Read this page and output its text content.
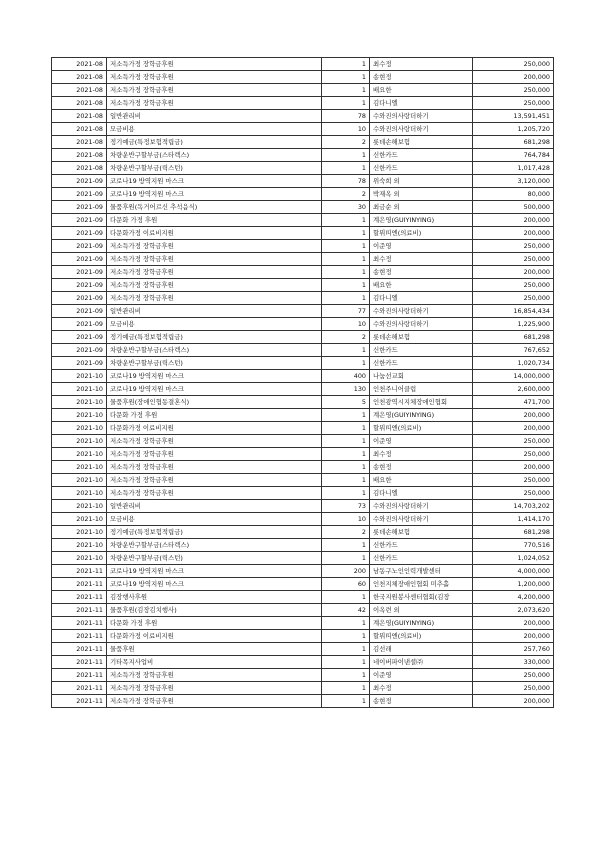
2021-08	저소득가정 장학금후원	1	최수정	250,000
2021-08	저소득가정 장학금후원	1	송현정	200,000
2021-08	저소득가정 장학금후원	1	배요한	250,000
2021-08	저소득가정 장학금후원	1	김다니엘	250,000
2021-08	일반관리비	78	수와진의사랑더하기	13,591,451
2021-08	모금비용	10	수와진의사랑더하기	1,205,720
2021-08	정기예금(특정보험적립금)	2	롯데손해보험	681,298
2021-08	차량운반구할부금(스타렉스)	1	신한카드	764,784
2021-08	차량운반구할부금(릭스턴)	1	신한카드	1,017,428
2021-09	코로나19 방역지원 마스크	78	위숙희 외	3,120,000
2021-09	코로나19 방역지원 마스크	2	박재옥 외	80,000
2021-09	물품후원(독거어르신 추석음식)	30	최금순 외	500,000
2021-09	다문화 가정 후원	1	계은영(GUIYINYING)	200,000
2021-09	다문화가정 이료비지원	1	할뮈띠엔(의료비)	200,000
2021-09	저소득가정 장학금후원	1	이준영	250,000
2021-09	저소득가정 장학금후원	1	최수정	250,000
2021-09	저소득가정 장학금후원	1	송현정	200,000
2021-09	저소득가정 장학금후원	1	배요한	250,000
2021-09	저소득가정 장학금후원	1	김다니엘	250,000
2021-09	일반관리비	77	수와진의사랑더하기	16,854,434
2021-09	모금비용	10	수와진의사랑더하기	1,225,900
2021-09	정기예금(특정보험적립금)	2	롯데손해보험	681,298
2021-09	차량운반구할부금(스타렉스)	1	신한카드	767,652
2021-09	차량운반구할부금(릭스턴)	1	신한카드	1,020,734
2021-10	코로나19 방역지원 마스크	400	나눔선교회	14,000,000
2021-10	코로나19 방역지원 마스크	130	인천주니어클럽	2,600,000
2021-10	물품후원(장애인협동결혼식)	5	인천광역시지체장애인협회	471,700
2021-10	다문화 가정 후원	1	계은영(GUIYINYING)	200,000
2021-10	다문화가정 이료비지원	1	할뮈띠엔(의료비)	200,000
2021-10	저소득가정 장학금후원	1	이준영	250,000
2021-10	저소득가정 장학금후원	1	최수정	250,000
2021-10	저소득가정 장학금후원	1	송현정	200,000
2021-10	저소득가정 장학금후원	1	배요한	250,000
2021-10	저소득가정 장학금후원	1	김다니엘	250,000
2021-10	일반관리비	73	수와진의사랑더하기	14,703,202
2021-10	모금비용	10	수와진의사랑더하기	1,414,170
2021-10	정기예금(특정보험적립금)	2	롯데손해보험	681,298
2021-10	차량운반구할부금(스타렉스)	1	신한카드	770,516
2021-10	차량운반구할부금(릭스턴)	1	신한카드	1,024,052
2021-11	코로나19 방역지원 마스크	200	남동구노인인력개발센터	4,000,000
2021-11	코로나19 방역지원 마스크	60	인천지체장애인협회 미추홀	1,200,000
2021-11	김장행사후원	1	한국지원봉사센터협회(김장	4,200,000
2021-11	물품후원(김장김치행사)	42	이옥련 외	2,073,620
2021-11	다문화 가정 후원	1	계은영(GUIYINYING)	200,000
2021-11	다문화가정 이료비지원	1	할뮈띠엔(의료비)	200,000
2021-11	물품후원	1	김선래	257,760
2021-11	기타목지사업비	1	네이버파이낸셜㈜	330,000
2021-11	저소득가정 장학금후원	1	이준영	250,000
2021-11	저소득가정 장학금후원	1	최수정	250,000
2021-11	저소득가정 장학금후원	1	송현정	200,000
